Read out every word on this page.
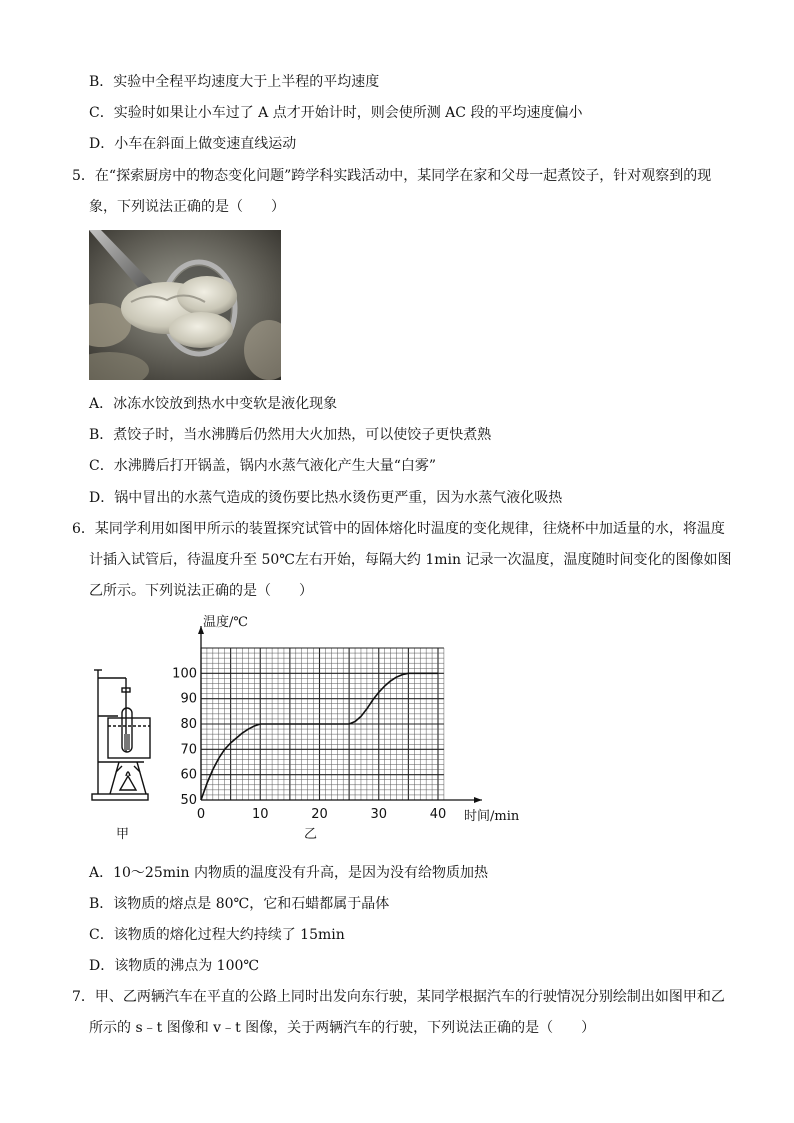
B．实验中全程平均速度大于上半程的平均速度
C．实验时如果让小车过了 A 点才开始计时，则会使所测 AC 段的平均速度偏小
D．小车在斜面上做变速直线运动
5．在“探索厨房中的物态变化问题”跨学科实践活动中，某同学在家和父母一起煮饺子，针对观察到的现
象，下列说法正确的是（　　）
A．冰冻水饺放到热水中变软是液化现象
B．煮饺子时，当水沸腾后仍然用大火加热，可以使饺子更快煮熟
C．水沸腾后打开锅盖，锅内水蒸气液化产生大量“白雾”
D．锅中冒出的水蒸气造成的烫伤要比热水烫伤更严重，因为水蒸气液化吸热
6．某同学利用如图甲所示的装置探究试管中的固体熔化时温度的变化规律，往烧杯中加适量的水，将温度
计插入试管后，待温度升至 50℃左右开始，每隔大约 1min 记录一次温度，温度随时间变化的图像如图
乙所示。下列说法正确的是（　　）
甲
0	10	20	30	40
50
60
70
80
90
100
温度/℃
时间/min
乙
A．10～25min 内物质的温度没有升高，是因为没有给物质加热
B．该物质的熔点是 80℃，它和石蜡都属于晶体
C．该物质的熔化过程大约持续了 15min
D．该物质的沸点为 100℃
7．甲、乙两辆汽车在平直的公路上同时出发向东行驶，某同学根据汽车的行驶情况分别绘制出如图甲和乙
所示的 s﹣t 图像和 v﹣t 图像，关于两辆汽车的行驶，下列说法正确的是（　　）
